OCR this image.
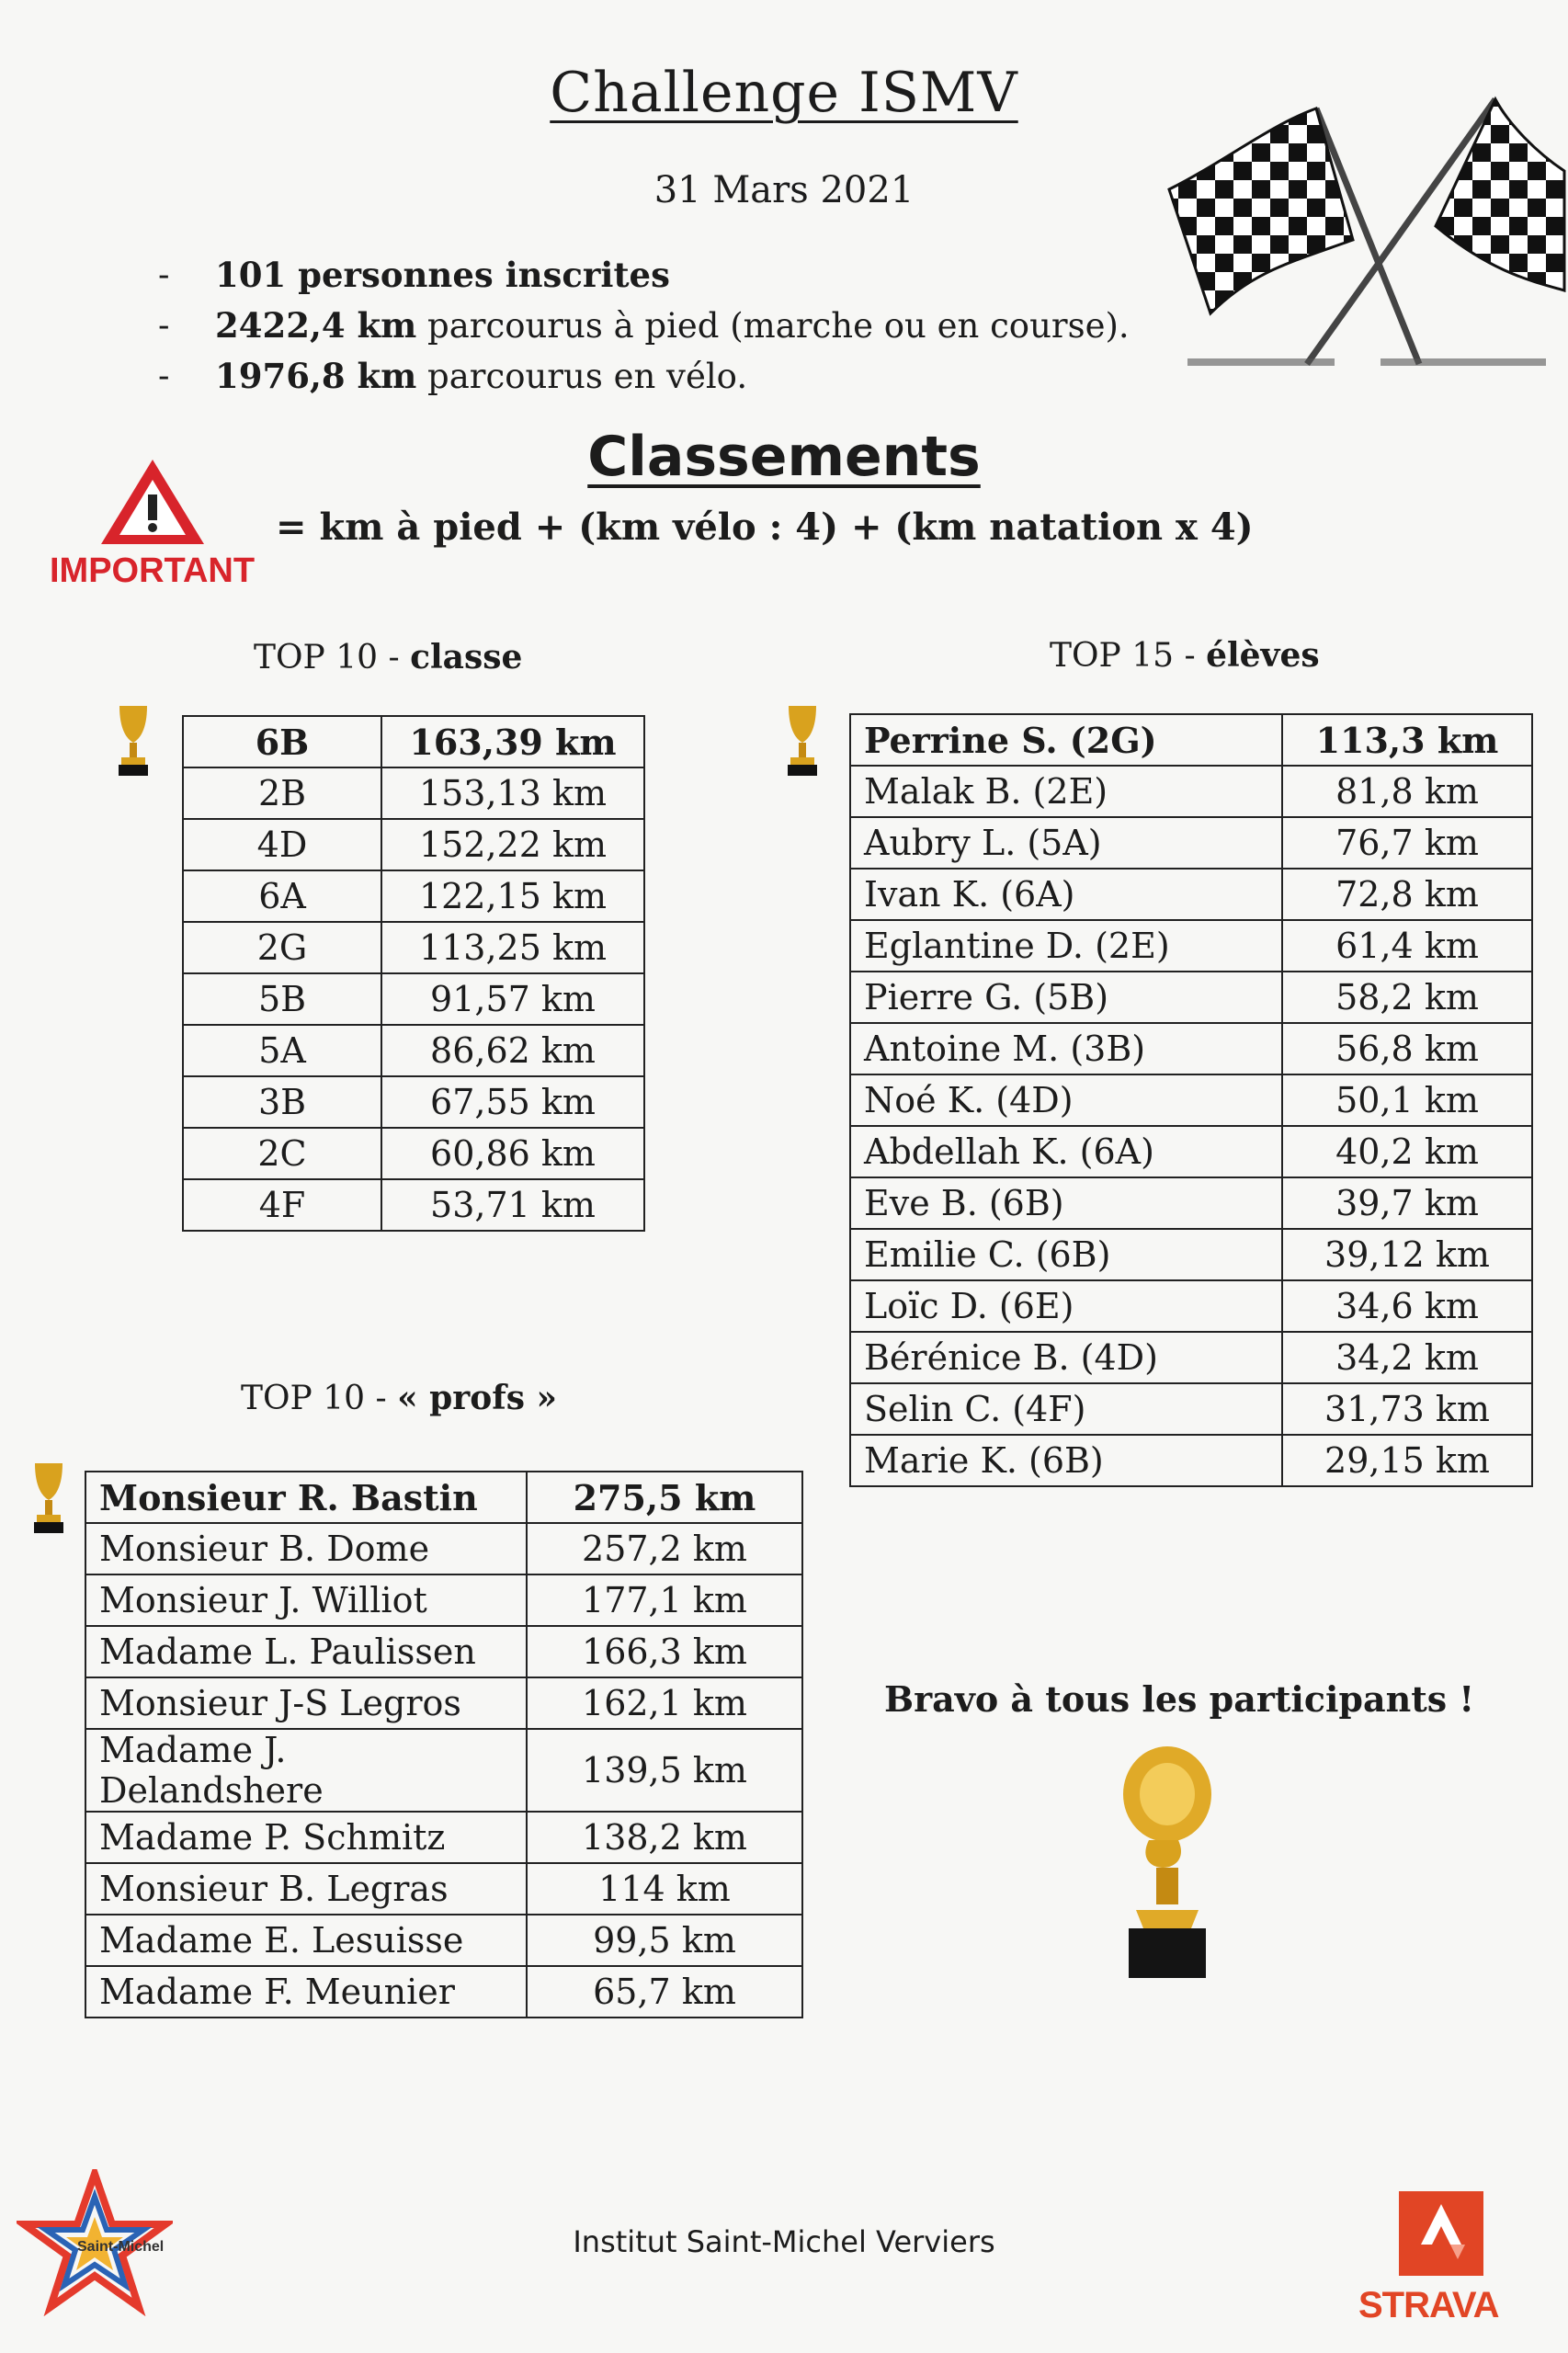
Challenge ISMV
31 Mars 2021
-	101 personnes inscrites
-	2422,4 km parcourus à pied (marche ou en course).
-	1976,8 km parcourus en vélo.
Classements
IMPORTANT
= km à pied + (km vélo : 4) + (km natation x 4)
TOP 10 - classe
6B	163,39 km
2B	153,13 km
4D	152,22 km
6A	122,15 km
2G	113,25 km
5B	91,57 km
5A	86,62 km
3B	67,55 km
2C	60,86 km
4F	53,71 km
TOP 15 - élèves
Perrine S. (2G)	113,3 km
Malak B. (2E)	81,8 km
Aubry L. (5A)	76,7 km
Ivan K. (6A)	72,8 km
Eglantine D. (2E)	61,4 km
Pierre G. (5B)	58,2 km
Antoine M. (3B)	56,8 km
Noé K. (4D)	50,1 km
Abdellah K. (6A)	40,2 km
Eve B. (6B)	39,7 km
Emilie C. (6B)	39,12 km
Loïc D. (6E)	34,6 km
Bérénice B. (4D)	34,2 km
Selin C. (4F)	31,73 km
Marie K. (6B)	29,15 km
TOP 10 - « profs »
Monsieur R. Bastin	275,5 km
Monsieur B. Dome	257,2 km
Monsieur J. Williot	177,1 km
Madame L. Paulissen	166,3 km
Monsieur J-S Legros	162,1 km
Madame J. Delandshere	139,5 km
Madame P. Schmitz	138,2 km
Monsieur B. Legras	114 km
Madame E. Lesuisse	99,5 km
Madame F. Meunier	65,7 km
Bravo à tous les participants !
Saint-Michel	Institut Saint-Michel Verviers
STRAVA
